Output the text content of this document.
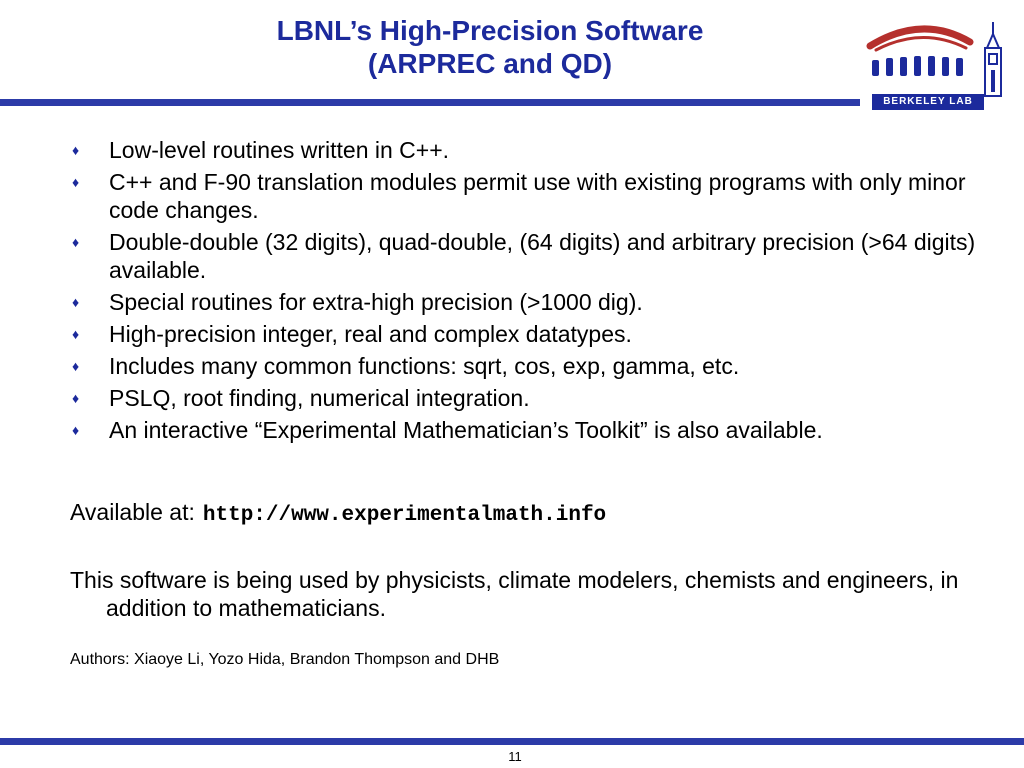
LBNL’s High-Precision Software
(ARPREC and QD)
BERKELEY LAB
♦ Low-level routines written in C++.
♦ C++ and F-90 translation modules permit use with existing programs with only minor code changes.
♦ Double-double (32 digits), quad-double, (64 digits) and arbitrary precision (>64 digits) available.
♦ Special routines for extra-high precision (>1000 dig).
♦ High-precision integer, real and complex datatypes.
♦ Includes many common functions: sqrt, cos, exp, gamma, etc.
♦ PSLQ, root finding, numerical integration.
♦ An interactive “Experimental Mathematician’s Toolkit” is also available.
Available at: http://www.experimentalmath.info
This software is being used by physicists, climate modelers, chemists and engineers, in addition to mathematicians.
Authors: Xiaoye Li, Yozo Hida, Brandon Thompson and DHB
11
